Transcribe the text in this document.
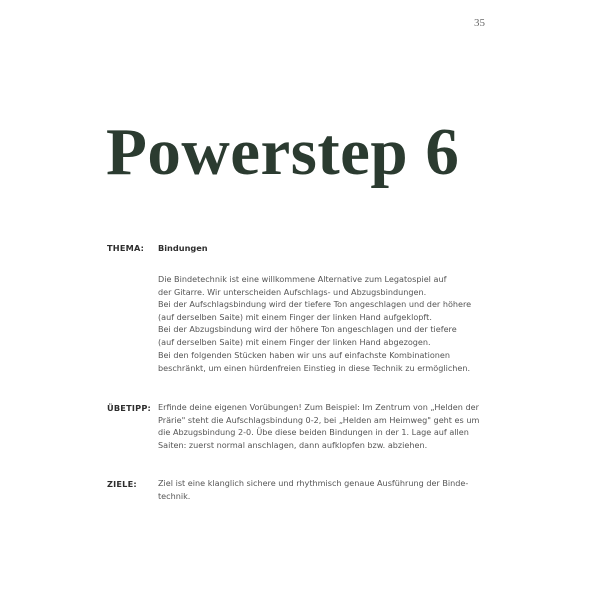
35
Powerstep 6
THEMA: Bindungen
Die Bindetechnik ist eine willkommene Alternative zum Legatospiel auf
der Gitarre. Wir unterscheiden Aufschlags- und Abzugsbindungen.
Bei der Aufschlagsbindung wird der tiefere Ton angeschlagen und der höhere
(auf derselben Saite) mit einem Finger der linken Hand aufgeklopft.
Bei der Abzugsbindung wird der höhere Ton angeschlagen und der tiefere
(auf derselben Saite) mit einem Finger der linken Hand abgezogen.
Bei den folgenden Stücken haben wir uns auf einfachste Kombinationen
beschränkt, um einen hürdenfreien Einstieg in diese Technik zu ermöglichen.
ÜBETIPP: Erfinde deine eigenen Vorübungen! Zum Beispiel: Im Zentrum von „Helden der
Prärie" steht die Aufschlagsbindung 0-2, bei „Helden am Heimweg" geht es um
die Abzugsbindung 2-0. Übe diese beiden Bindungen in der 1. Lage auf allen
Saiten: zuerst normal anschlagen, dann aufklopfen bzw. abziehen.
ZIELE:	Ziel ist eine klanglich sichere und rhythmisch genaue Ausführung der Binde-
technik.
